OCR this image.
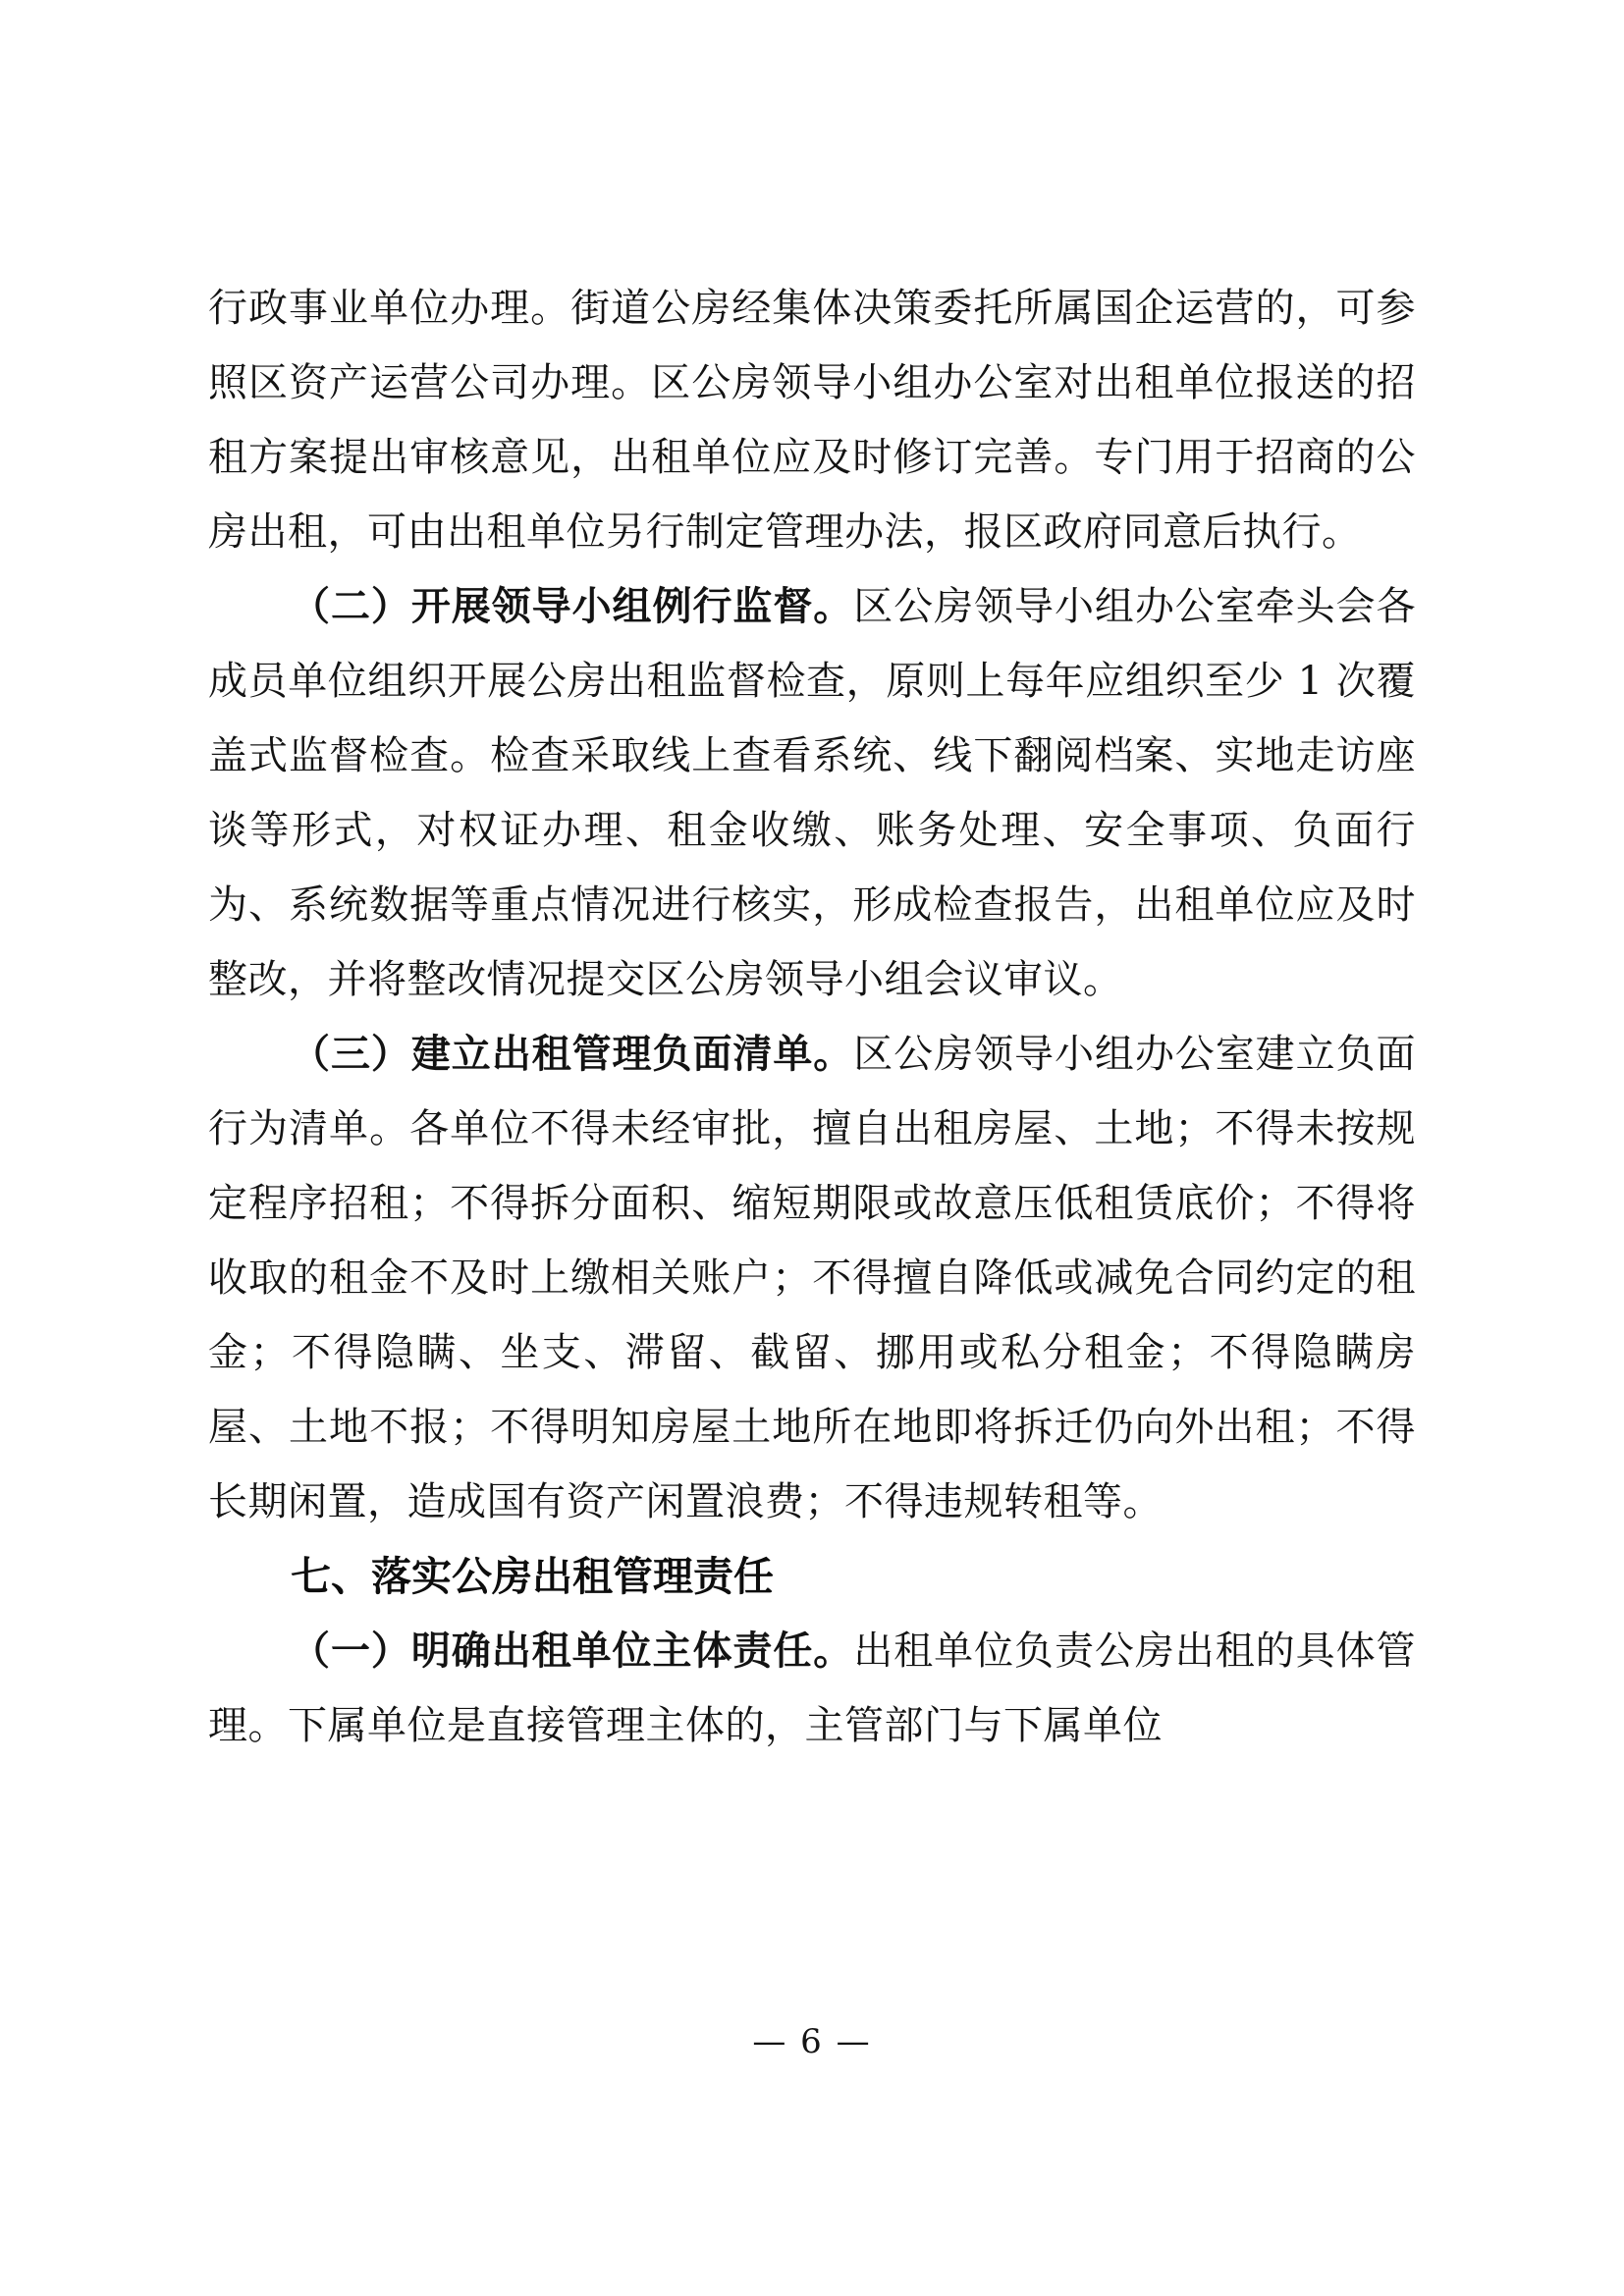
行政事业单位办理。街道公房经集体决策委托所属国企运营的，可参照区资产运营公司办理。区公房领导小组办公室对出租单位报送的招租方案提出审核意见，出租单位应及时修订完善。专门用于招商的公房出租，可由出租单位另行制定管理办法，报区政府同意后执行。

（二）开展领导小组例行监督。区公房领导小组办公室牵头会各成员单位组织开展公房出租监督检查，原则上每年应组织至少 1 次覆盖式监督检查。检查采取线上查看系统、线下翻阅档案、实地走访座谈等形式，对权证办理、租金收缴、账务处理、安全事项、负面行为、系统数据等重点情况进行核实，形成检查报告，出租单位应及时整改，并将整改情况提交区公房领导小组会议审议。

（三）建立出租管理负面清单。区公房领导小组办公室建立负面行为清单。各单位不得未经审批，擅自出租房屋、土地；不得未按规定程序招租；不得拆分面积、缩短期限或故意压低租赁底价；不得将收取的租金不及时上缴相关账户；不得擅自降低或减免合同约定的租金；不得隐瞒、坐支、滞留、截留、挪用或私分租金；不得隐瞒房屋、土地不报；不得明知房屋土地所在地即将拆迁仍向外出租；不得长期闲置，造成国有资产闲置浪费；不得违规转租等。

七、落实公房出租管理责任

（一）明确出租单位主体责任。出租单位负责公房出租的具体管理。下属单位是直接管理主体的，主管部门与下属单位

— 6 —
